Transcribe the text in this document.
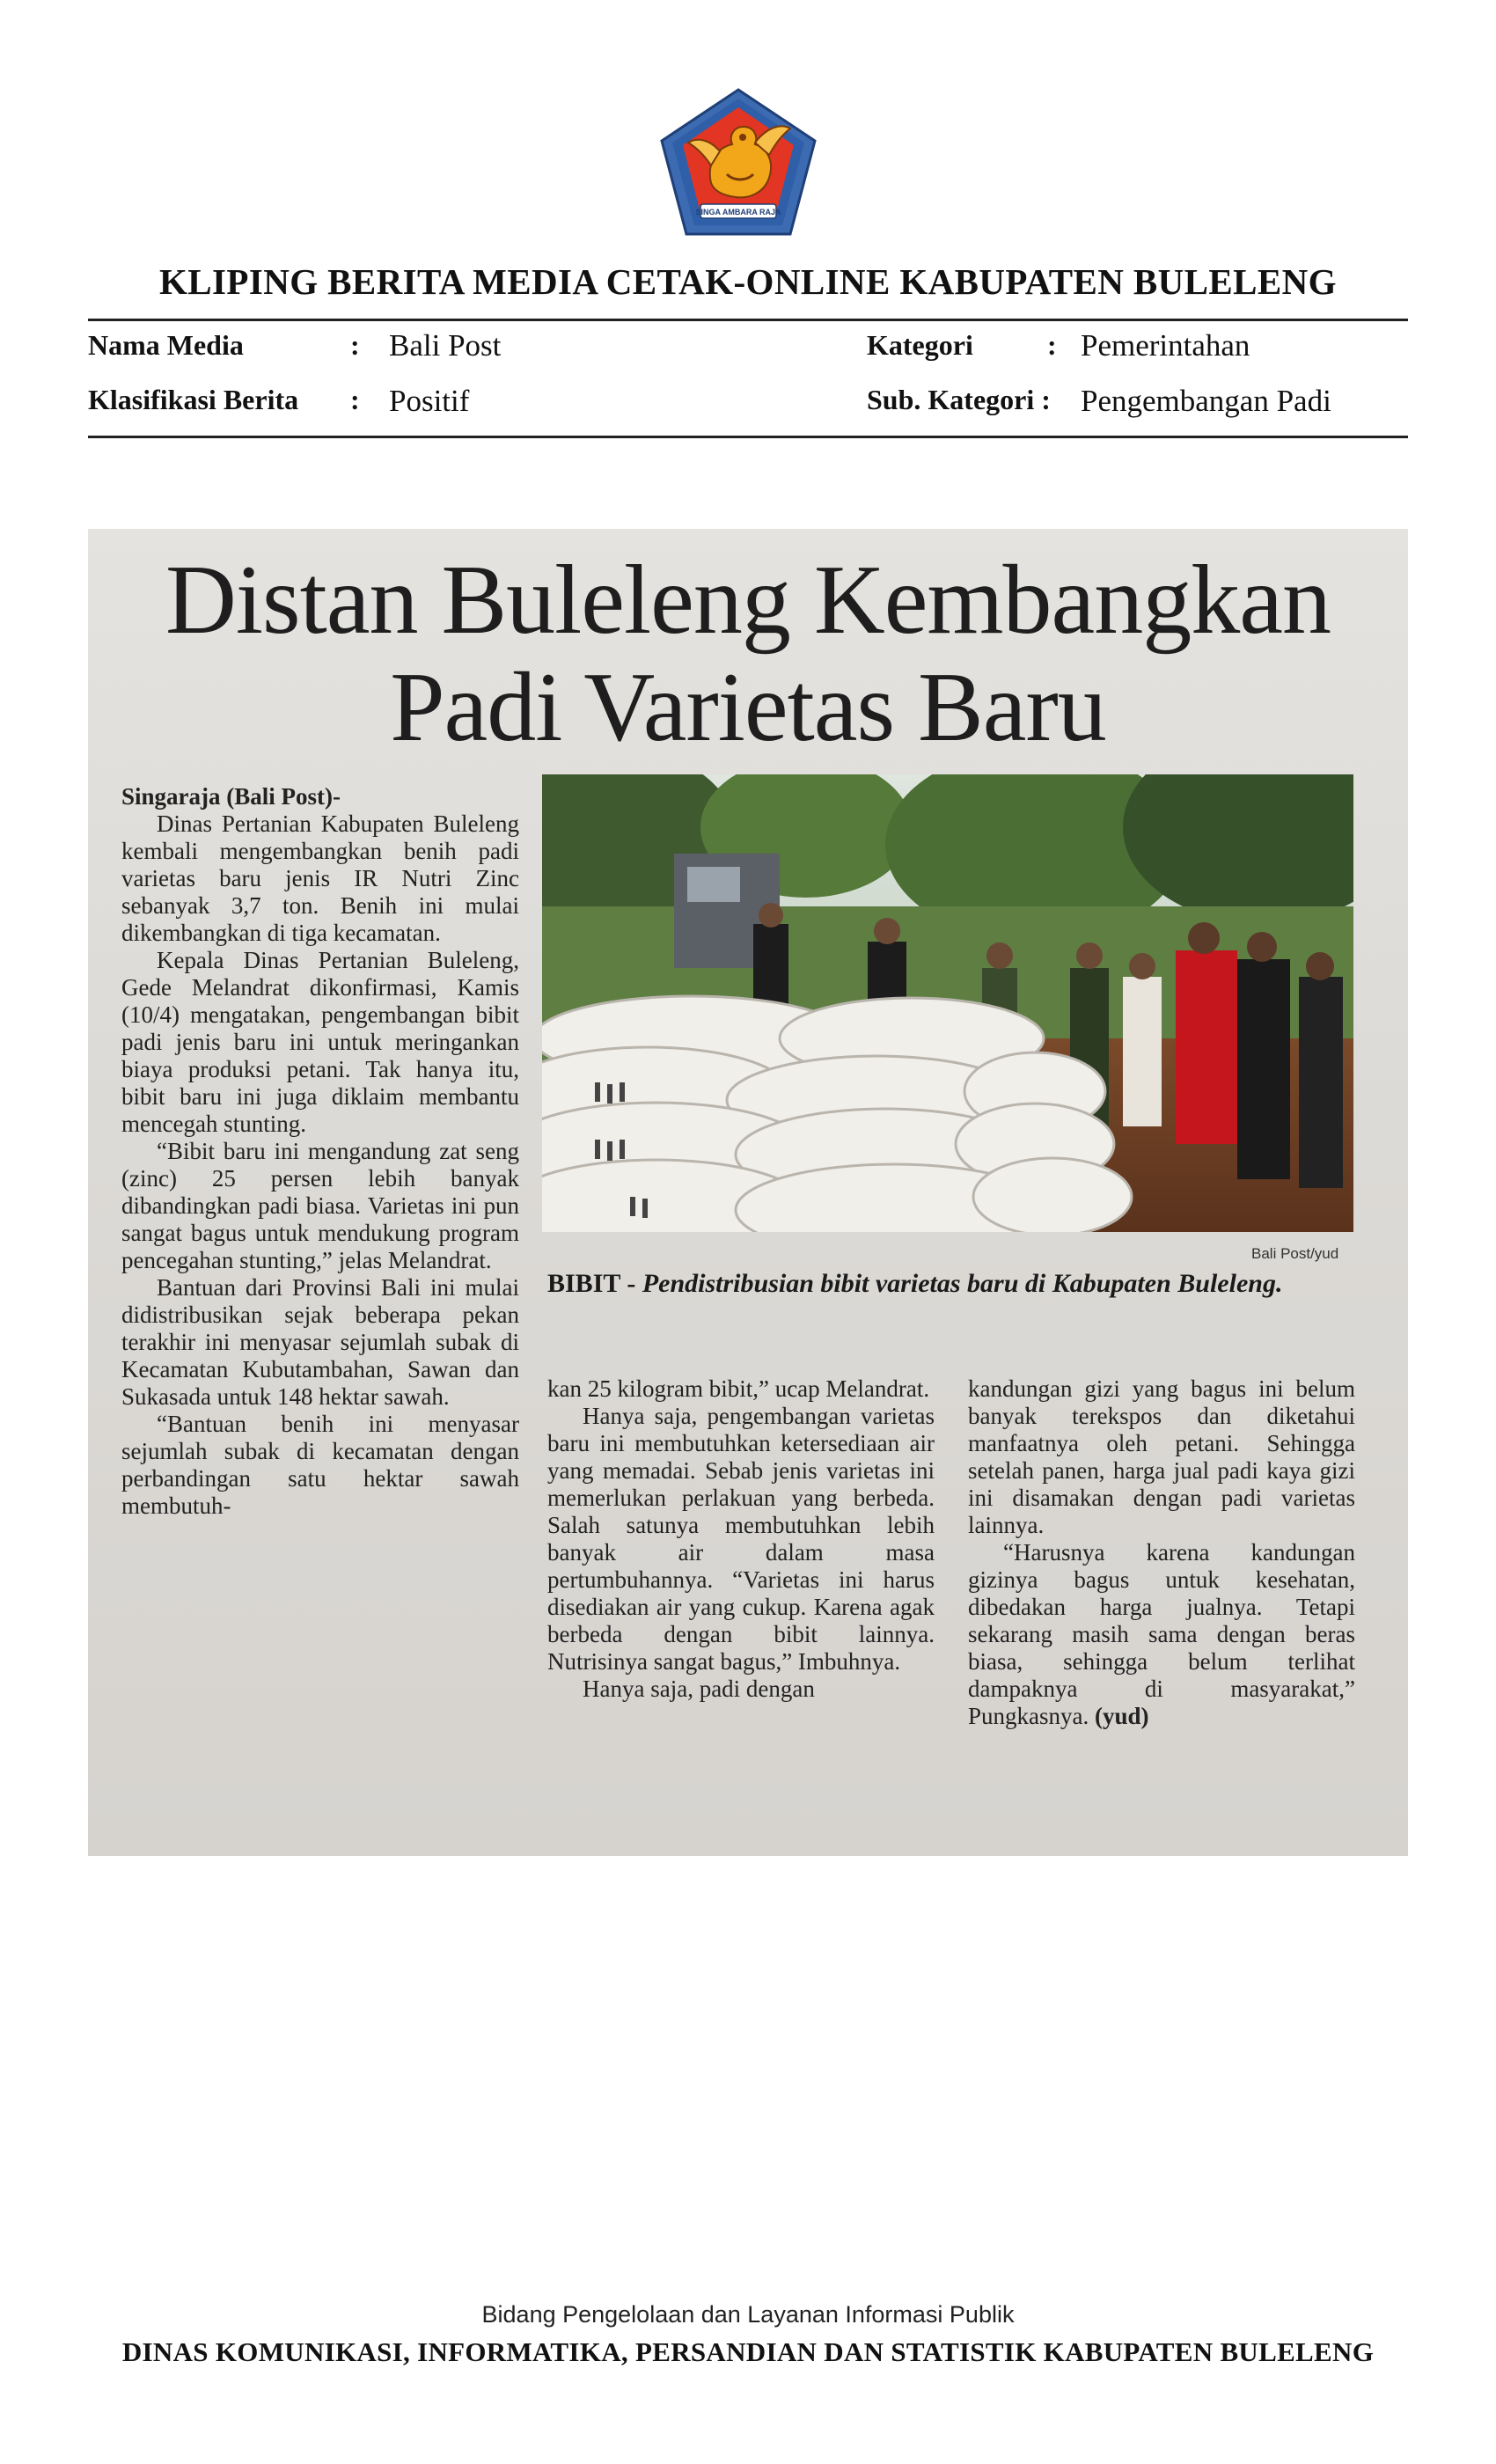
SINGA AMBARA RAJA
KLIPING BERITA MEDIA CETAK-ONLINE KABUPATEN BULELENG
Nama Media	: Bali Post
Klasifikasi Berita : Positif
Kategori	: Pemerintahan
Sub. Kategori : Pengembangan Padi
Distan Buleleng Kembangkan
Padi Varietas Baru

Singaraja (Bali Post)-

Dinas Pertanian Kabupaten Buleleng kembali mengembangkan benih padi varietas baru jenis IR Nutri Zinc sebanyak 3,7 ton. Benih ini mulai dikembangkan di tiga kecamatan.

Kepala Dinas Pertanian Buleleng, Gede Melandrat dikonfirmasi, Kamis (10/4) mengatakan, pengembangan bibit padi jenis baru ini untuk meringankan biaya produksi petani. Tak hanya itu, bibit baru ini juga diklaim membantu mencegah stunting.

“Bibit baru ini mengandung zat seng (zinc) 25 persen lebih banyak dibandingkan padi biasa. Varietas ini pun sangat bagus untuk mendukung program pencegahan stunting,” jelas Melandrat.

Bantuan dari Provinsi Bali ini mulai didistribusikan sejak beberapa pekan terakhir ini menyasar sejumlah subak di Kecamatan Kubutambahan, Sawan dan Sukasada untuk 148 hektar sawah.

“Bantuan benih ini menyasar sejumlah subak di kecamatan dengan perbandingan satu hektar sawah membutuh-

Bali Post/yud
BIBIT - Pendistribusian bibit varietas baru di Kabupaten Buleleng.

kan 25 kilogram bibit,” ucap Melandrat.

Hanya saja, pengembangan varietas baru ini membutuhkan ketersediaan air yang memadai. Sebab jenis varietas ini memerlukan perlakuan yang berbeda. Salah satunya membutuhkan lebih banyak air dalam masa pertumbuhannya. “Varietas ini harus disediakan air yang cukup. Karena agak berbeda dengan bibit lainnya. Nutrisinya sangat bagus,” Imbuhnya.

Hanya saja, padi dengan

kandungan gizi yang bagus ini belum banyak terekspos dan diketahui manfaatnya oleh petani. Sehingga setelah panen, harga jual padi kaya gizi ini disamakan dengan padi varietas lainnya.

“Harusnya karena kandungan gizinya bagus untuk kesehatan, dibedakan harga jualnya. Tetapi sekarang masih sama dengan beras biasa, sehingga belum terlihat dampaknya di masyarakat,” Pungkasnya. (yud)

Bidang Pengelolaan dan Layanan Informasi Publik
DINAS KOMUNIKASI, INFORMATIKA, PERSANDIAN DAN STATISTIK KABUPATEN BULELENG
